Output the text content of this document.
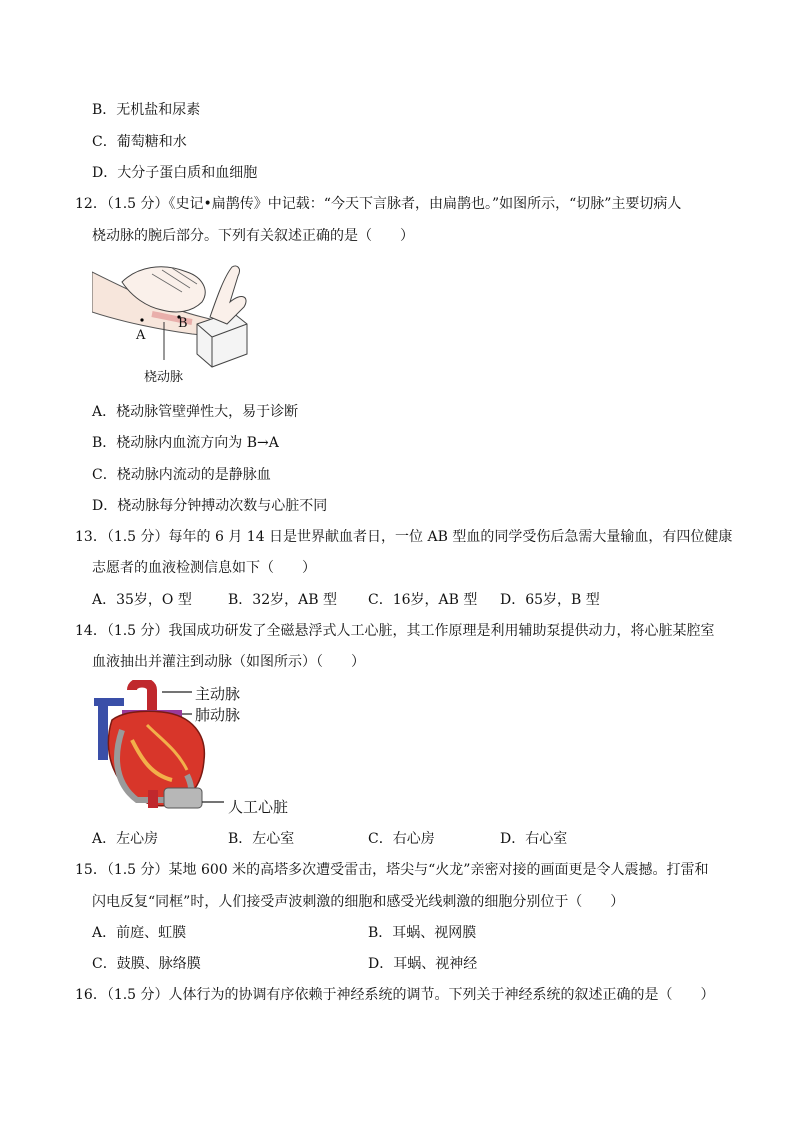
B．无机盐和尿素
C．葡萄糖和水
D．大分子蛋白质和血细胞
12．（1.5 分）《史记•扁鹊传》中记载：“今天下言脉者，由扁鹊也。”如图所示，“切脉”主要切病人
桡动脉的腕后部分。下列有关叙述正确的是（　　）
A
B
桡动脉
A．桡动脉管壁弹性大，易于诊断
B．桡动脉内血流方向为 B→A
C．桡动脉内流动的是静脉血
D．桡动脉每分钟搏动次数与心脏不同
13．（1.5 分）每年的 6 月 14 日是世界献血者日，一位 AB 型血的同学受伤后急需大量输血，有四位健康
志愿者的血液检测信息如下（　　）
A．35岁，O 型	B．32岁，AB 型 C．16岁，AB 型 D．65岁，B 型
14．（1.5 分）我国成功研发了全磁悬浮式人工心脏，其工作原理是利用辅助泵提供动力，将心脏某腔室
血液抽出并灌注到动脉（如图所示）（　　）
主动脉
肺动脉
人工心脏
A．左心房	B．左心室	C．右心房	D．右心室
15．（1.5 分）某地 600 米的高塔多次遭受雷击，塔尖与“火龙”亲密对接的画面更是令人震撼。打雷和
闪电反复“同框”时，人们接受声波刺激的细胞和感受光线刺激的细胞分别位于（　　）
A．前庭、虹膜	B．耳蜗、视网膜
C．鼓膜、脉络膜	D．耳蜗、视神经
16．（1.5 分）人体行为的协调有序依赖于神经系统的调节。下列关于神经系统的叙述正确的是（　　）
